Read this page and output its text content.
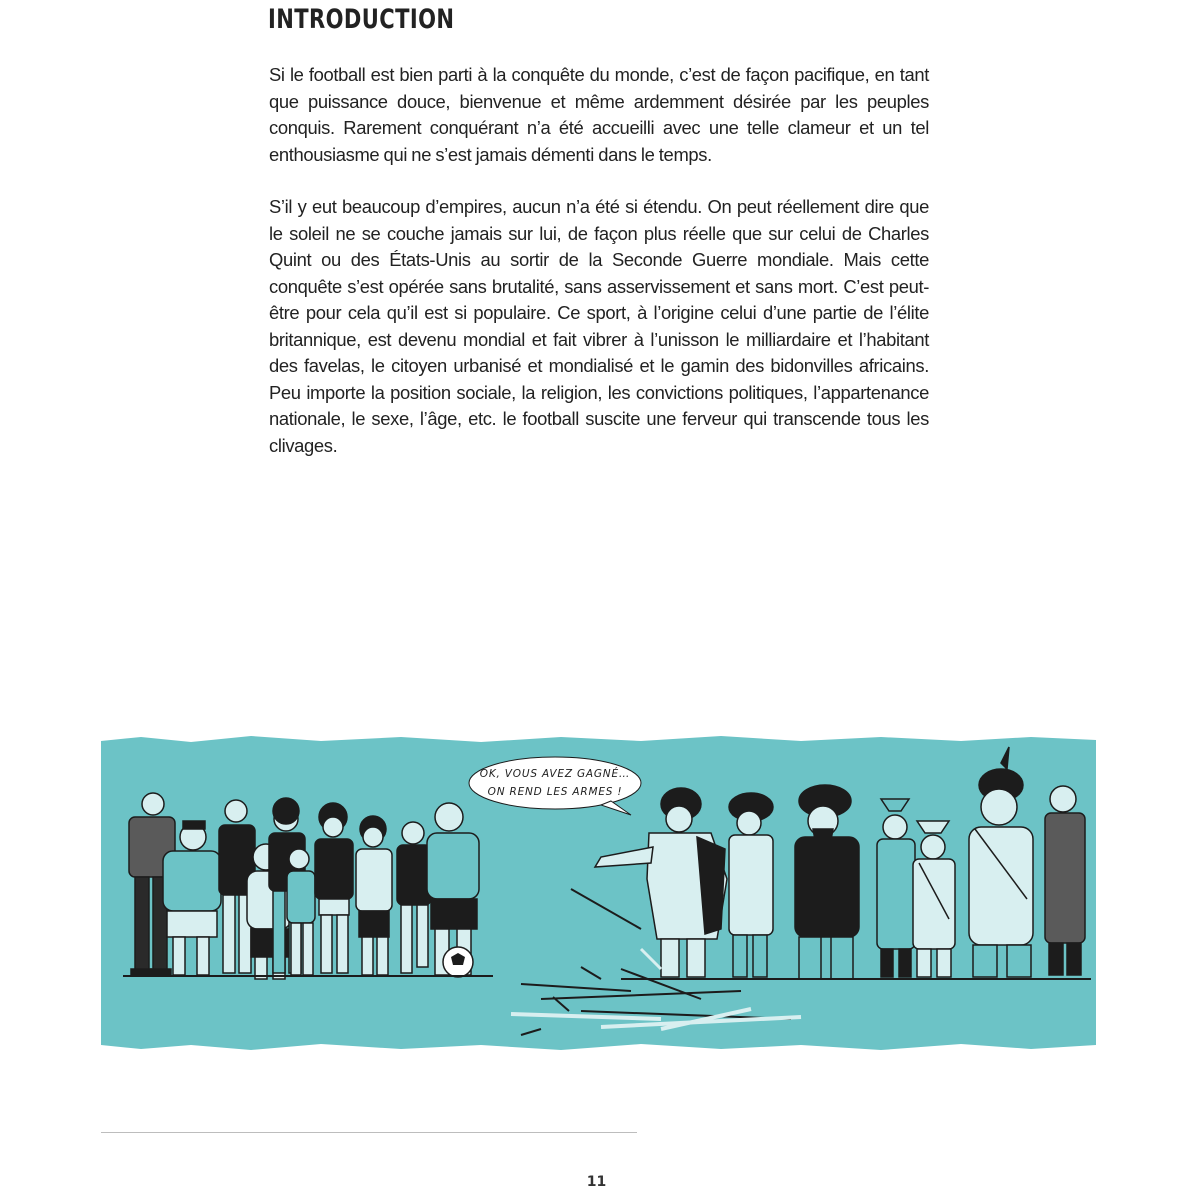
INTRODUCTION
Si le football est bien parti à la conquête du monde, c’est de façon pacifique, en tant que puissance douce, bienvenue et même ardemment désirée par les peuples conquis. Rarement conquérant n’a été accueilli avec une telle clameur et un tel enthousiasme qui ne s’est jamais démenti dans le temps.
S’il y eut beaucoup d’empires, aucun n’a été si étendu. On peut réellement dire que le soleil ne se couche jamais sur lui, de façon plus réelle que sur celui de Charles Quint ou des États-Unis au sortir de la Seconde Guerre mondiale. Mais cette conquête s’est opérée sans brutalité, sans asservissement et sans mort. C’est peut-être pour cela qu’il est si populaire. Ce sport, à l’origine celui d’une partie de l’élite britannique, est devenu mondial et fait vibrer à l’unisson le milliardaire et l’habitant des favelas, le citoyen urbanisé et mondialisé et le gamin des bidonvilles africains. Peu importe la position sociale, la religion, les convictions politiques, l’appartenance nationale, le sexe, l’âge, etc. le football suscite une ferveur qui transcende tous les clivages.
OK, VOUS AVEZ GAGNÉ…
ON REND LES ARMES !
11
